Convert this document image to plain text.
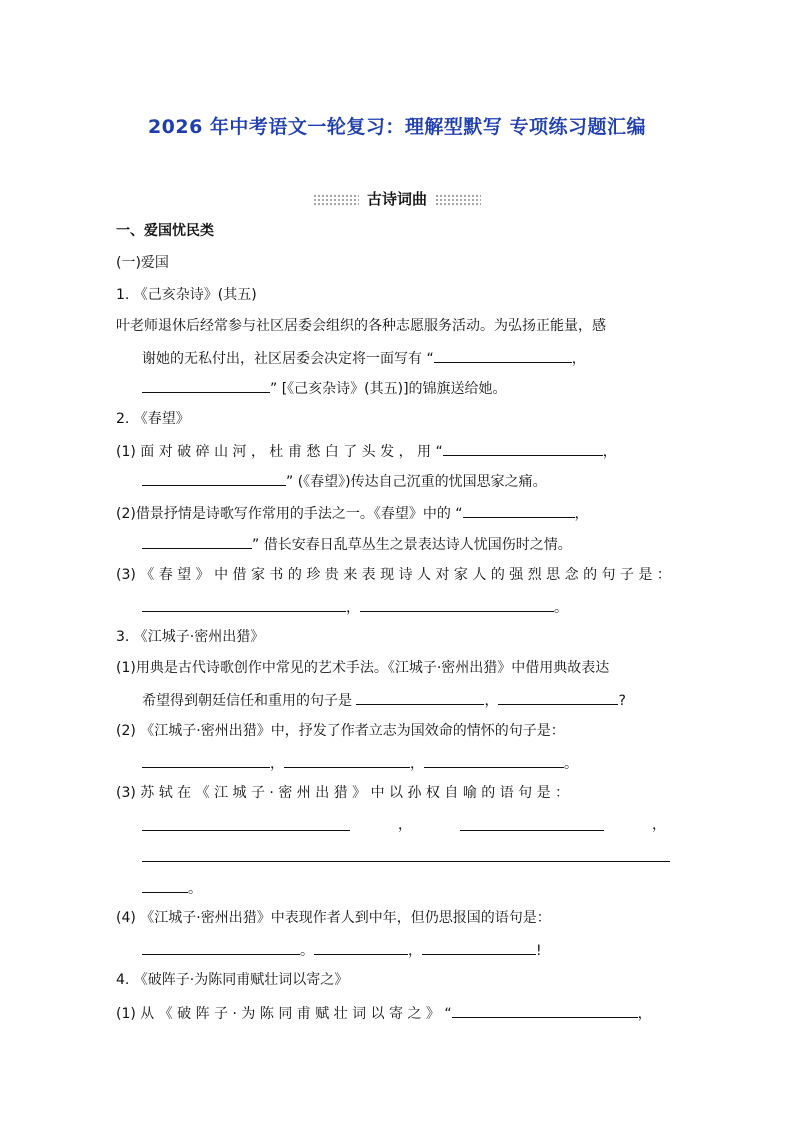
2026 年中考语文一轮复习：理解型默写 专项练习题汇编
古诗词曲
一、爱国忧民类
(一)爱国
1. 《己亥杂诗》(其五)
叶老师退休后经常参与社区居委会组织的各种志愿服务活动。为弘扬正能量，感
谢她的无私付出，社区居委会决定将一面写有 “	，
” [《己亥杂诗》(其五)]的锦旗送给她。
2. 《春望》
(1) 面 对 破 碎 山 河 ， 杜 甫 愁 白 了 头 发 ， 用 “	，
” (《春望》)传达自己沉重的忧国思家之痛。
(2)借景抒情是诗歌写作常用的手法之一。《春望》中的 “	，
” 借长安春日乱草丛生之景表达诗人忧国伤时之情。
(3) 《 春 望 》 中 借 家 书 的 珍 贵 来 表 现 诗 人 对 家 人 的 强 烈 思 念 的 句 子 是 ：
，	。
3. 《江城子·密州出猎》
(1)用典是古代诗歌创作中常见的艺术手法。《江城子·密州出猎》中借用典故表达
希望得到朝廷信任和重用的句子是	，	?
(2) 《江城子·密州出猎》中，抒发了作者立志为国效命的情怀的句子是：
，	，	。
(3) 苏 轼 在 《 江 城 子 · 密 州 出 猎 》 中 以 孙 权 自 喻 的 语 句 是 ：
，	，
。
(4) 《江城子·密州出猎》中表现作者人到中年，但仍思报国的语句是：
。	，	!
4. 《破阵子·为陈同甫赋壮词以寄之》
(1) 从 《 破 阵 子 · 为 陈 同 甫 赋 壮 词 以 寄 之 》 “	，
